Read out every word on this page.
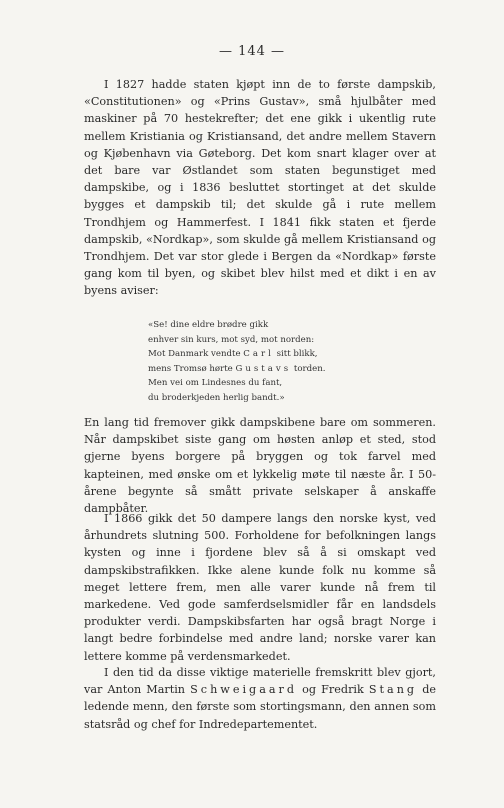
— 144 —

I 1827 hadde staten kjøpt inn de to første dampskib, «Constitutionen» og «Prins Gustav», små hjulbåter med maskiner på 70 hestekrefter; det ene gikk i ukentlig rute mellem Kristiania og Kristiansand, det andre mellem Stavern og Kjøbenhavn via Gøteborg. Det kom snart klager over at det bare var Østlandet som staten begunstiget med dampskibe, og i 1836 besluttet stortinget at det skulde bygges et dampskib til; det skulde gå i rute mellem Trondhjem og Hammerfest. I 1841 fikk staten et fjerde dampskib, «Nordkap», som skulde gå mellem Kristiansand og Trondhjem. Det var stor glede i Bergen da «Nordkap» første gang kom til byen, og skibet blev hilst med et dikt i en av byens aviser:

«Se! dine eldre brødre gikk
enhver sin kurs, mot syd, mot norden:
Mot Danmark vendte Carl sitt blikk,
mens Tromsø hørte Gustavs torden.
Men vei om Lindesnes du fant,
du broderkjeden herlig bandt.»

En lang tid fremover gikk dampskibene bare om sommeren. Når dampskibet siste gang om høsten anløp et sted, stod gjerne byens borgere på bryggen og tok farvel med kapteinen, med ønske om et lykkelig møte til næste år. I 50-årene begynte så smått private selskaper å anskaffe dampbåter.

I 1866 gikk det 50 dampere langs den norske kyst, ved århundrets slutning 500. Forholdene for befolkningen langs kysten og inne i fjordene blev så å si omskapt ved dampskibstrafikken. Ikke alene kunde folk nu komme så meget lettere frem, men alle varer kunde nå frem til markedene. Ved gode samferdselsmidler får en landsdels produkter verdi. Dampskibsfarten har også bragt Norge i langt bedre forbindelse med andre land; norske varer kan lettere komme på verdensmarkedet.

I den tid da disse viktige materielle fremskritt blev gjort, var Anton Martin Schweigaard og Fredrik Stang de ledende menn, den første som stortingsmann, den annen som statsråd og chef for Indredepartementet.
